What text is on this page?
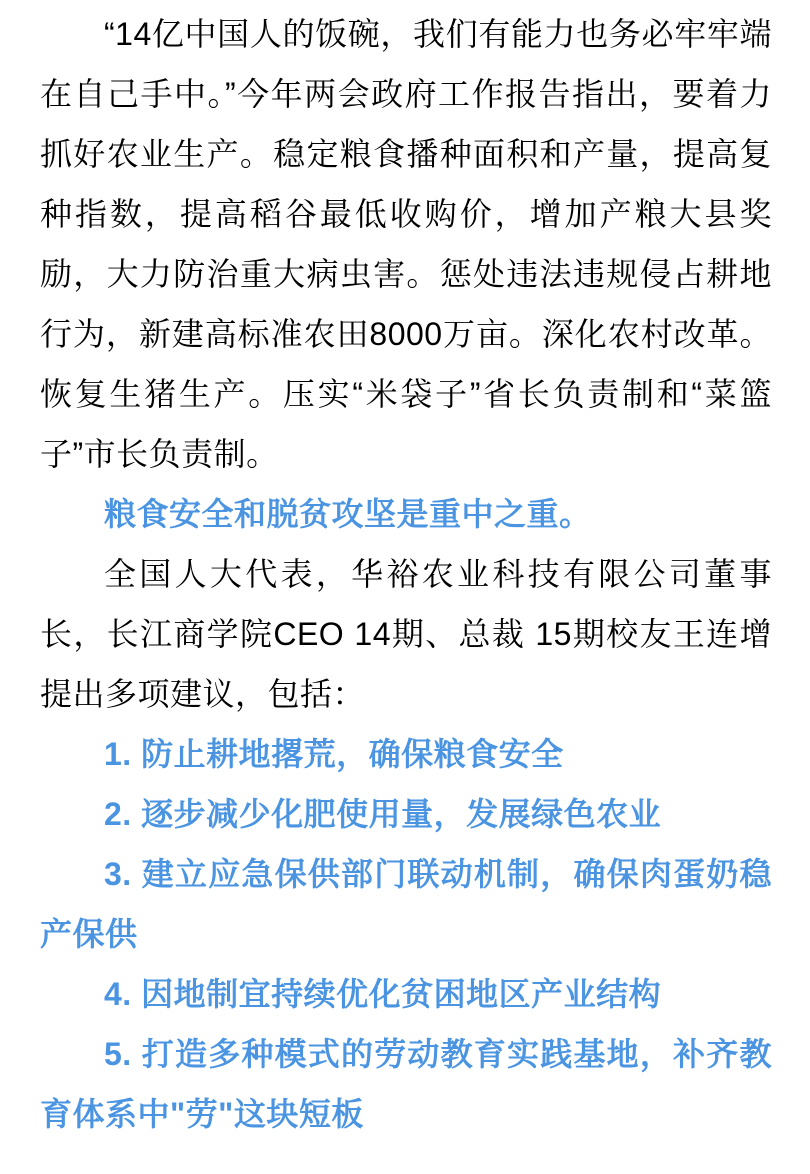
“14亿中国人的饭碗，我们有能力也务必牢牢端在自己手中。”今年两会政府工作报告指出，要着力抓好农业生产。稳定粮食播种面积和产量，提高复种指数，提高稻谷最低收购价，增加产粮大县奖励，大力防治重大病虫害。惩处违法违规侵占耕地行为，新建高标准农田8000万亩。深化农村改革。恢复生猪生产。压实“米袋子”省长负责制和“菜篮子”市长负责制。

粮食安全和脱贫攻坚是重中之重。

全国人大代表，华裕农业科技有限公司董事长，长江商学院CEO 14期、总裁 15期校友王连增提出多项建议，包括：

1. 防止耕地撂荒，确保粮食安全

2. 逐步减少化肥使用量，发展绿色农业

3. 建立应急保供部门联动机制，确保肉蛋奶稳产保供

4. 因地制宜持续优化贫困地区产业结构

5. 打造多种模式的劳动教育实践基地，补齐教育体系中"劳"这块短板
